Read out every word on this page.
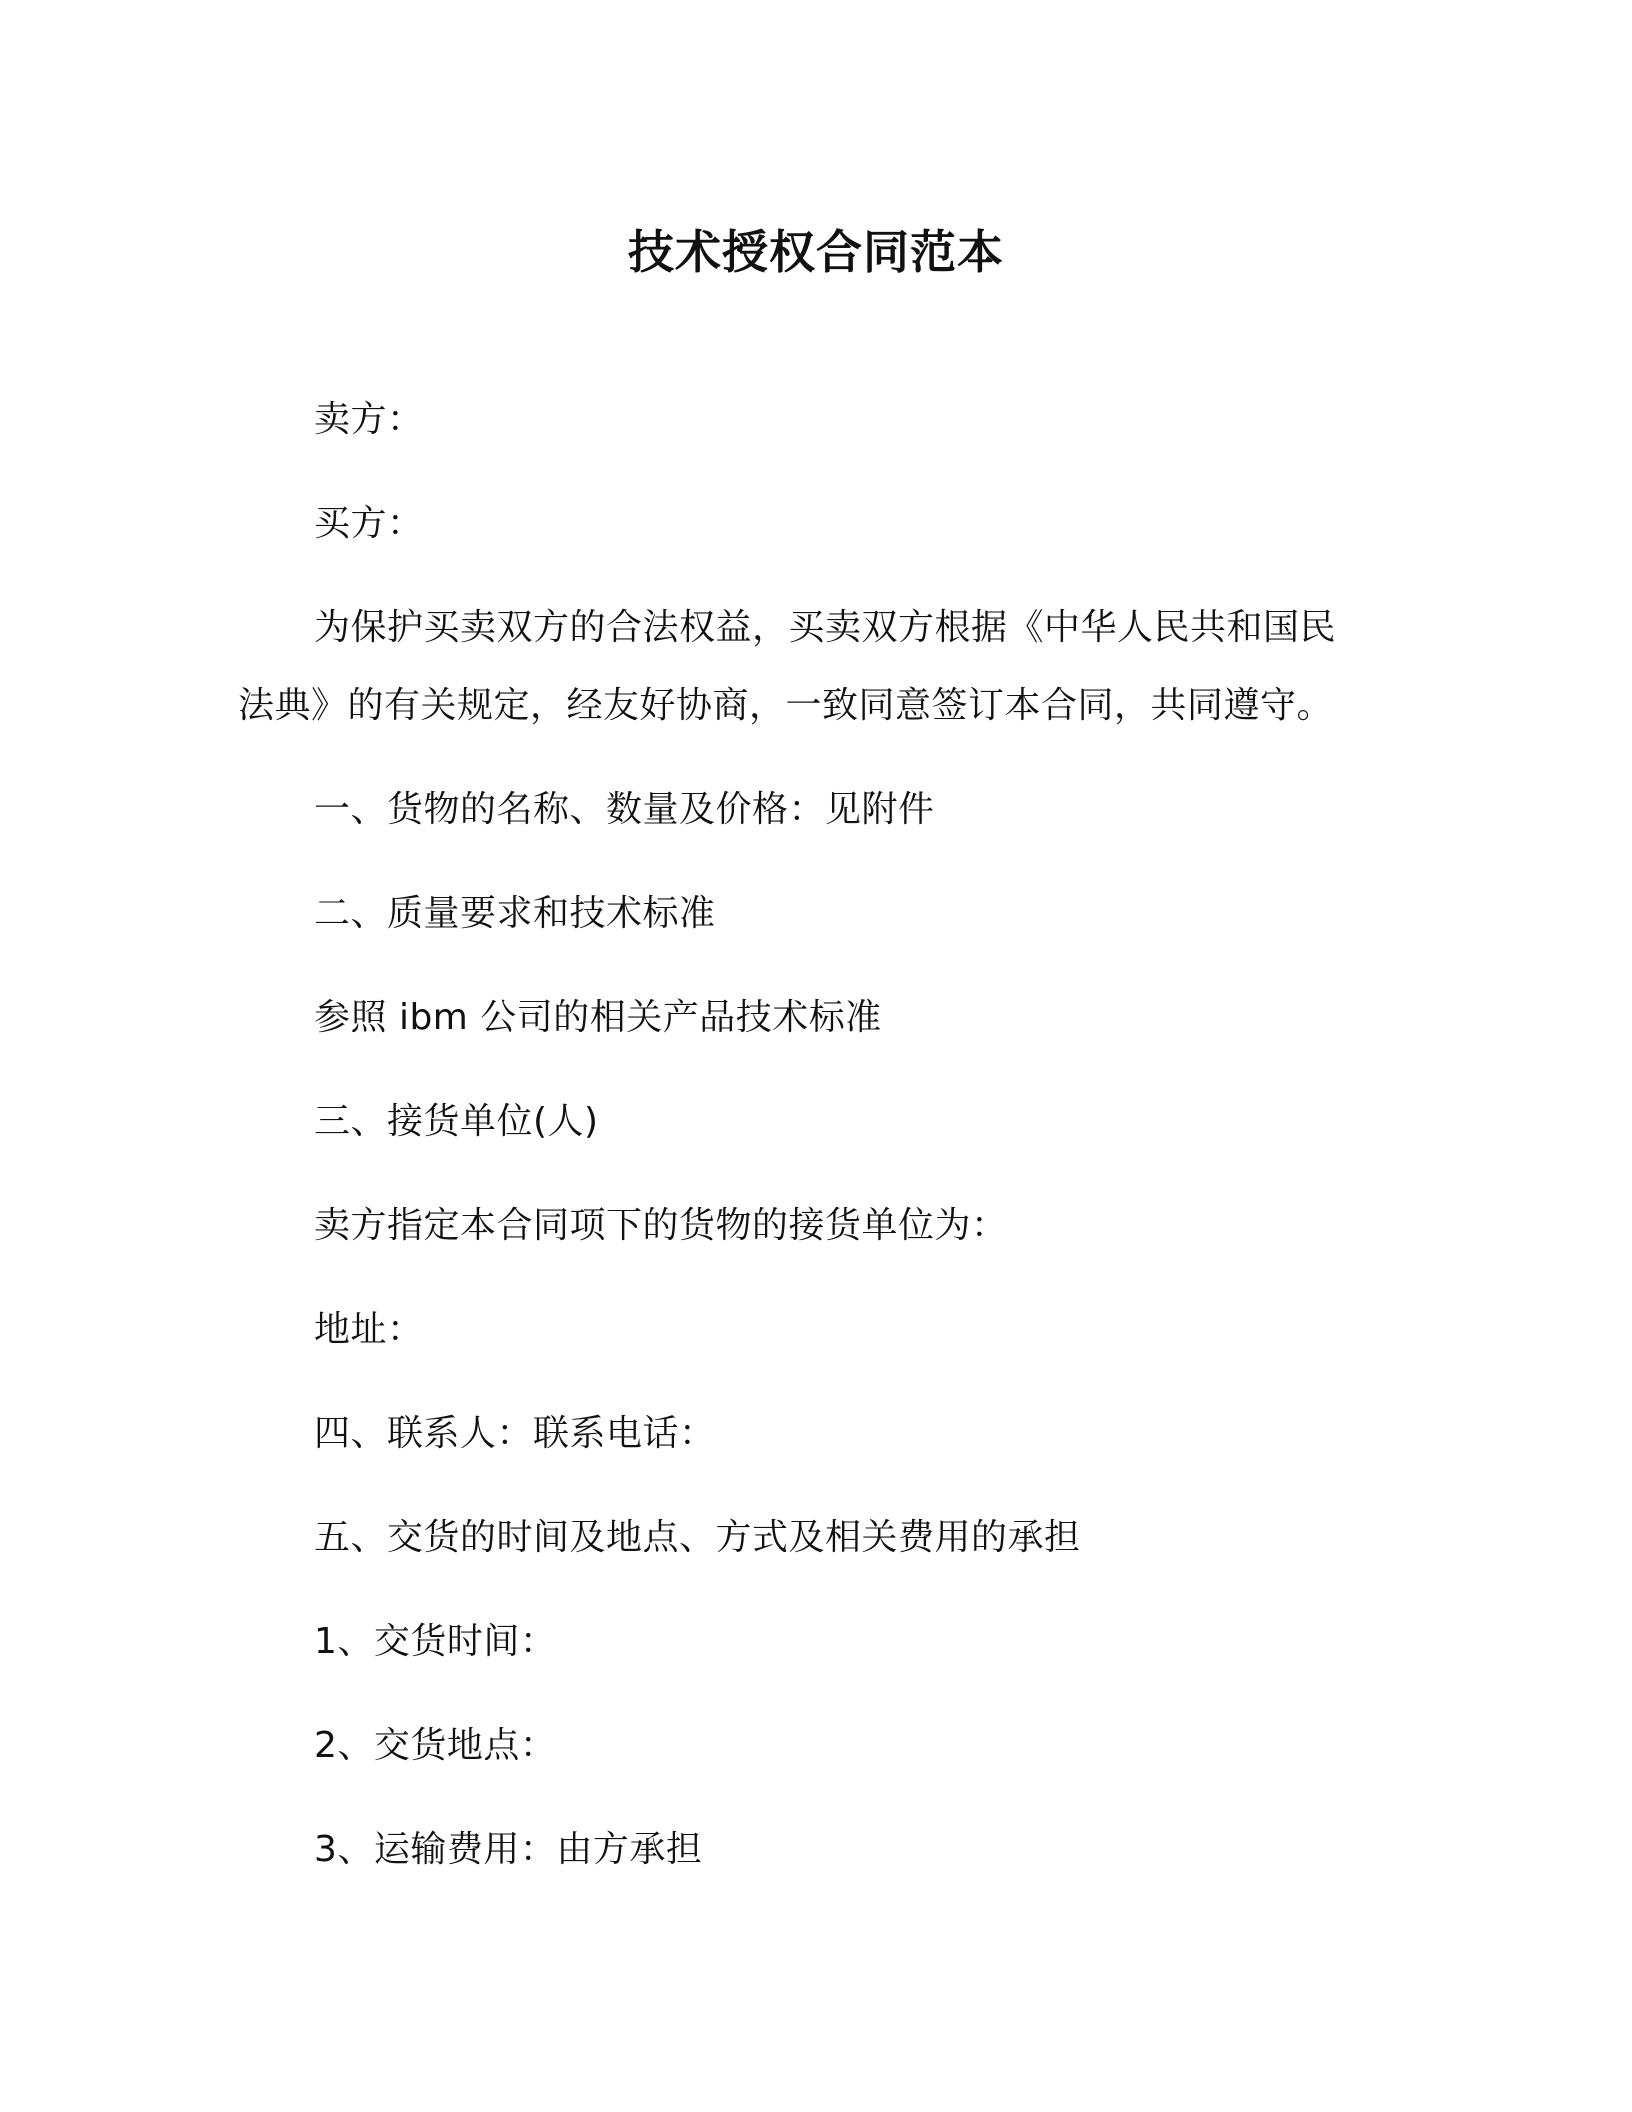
技术授权合同范本
卖方：
买方：
为保护买卖双方的合法权益，买卖双方根据《中华人民共和国民
法典》的有关规定，经友好协商，一致同意签订本合同，共同遵守。
一、货物的名称、数量及价格：见附件
二、质量要求和技术标准
参照 ibm 公司的相关产品技术标准
三、接货单位(人)
卖方指定本合同项下的货物的接货单位为：
地址：
四、联系人：联系电话：
五、交货的时间及地点、方式及相关费用的承担
1、交货时间：
2、交货地点：
3、运输费用：由方承担
